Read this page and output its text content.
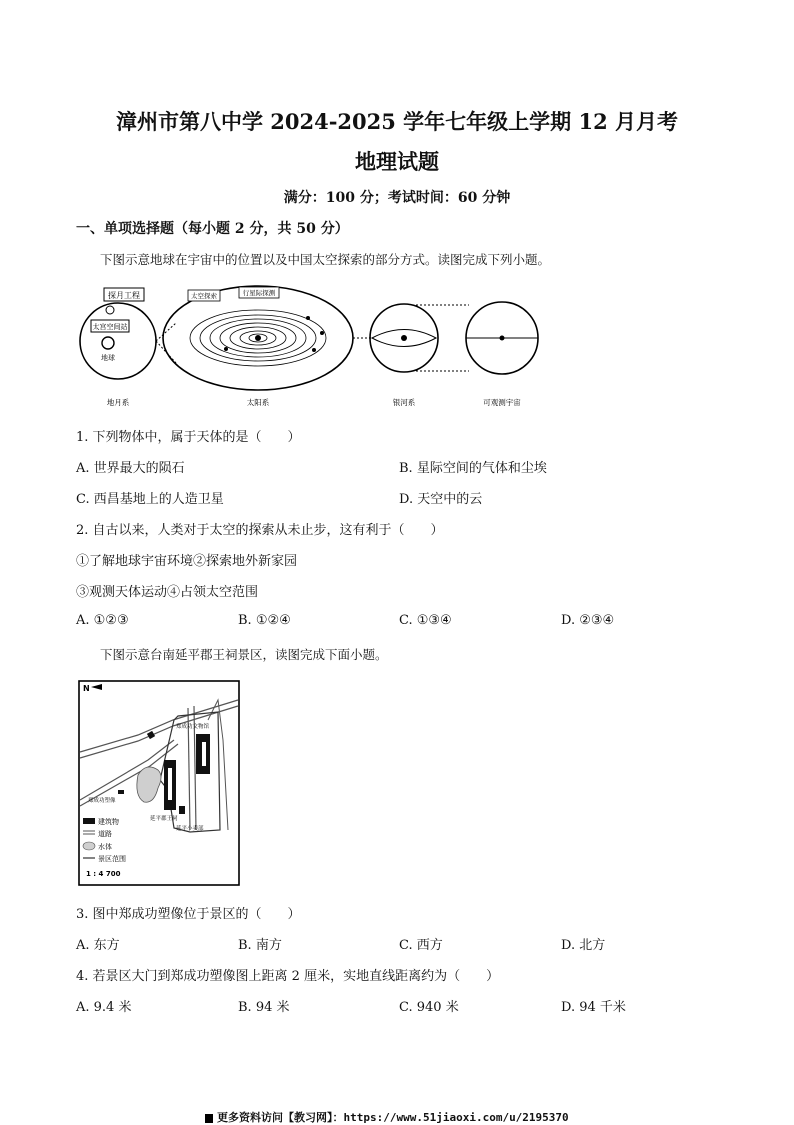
漳州市第八中学 2024-2025 学年七年级上学期 12 月月考
地理试题
满分：100 分；考试时间：60 分钟
一、单项选择题（每小题 2 分，共 50 分）
下图示意地球在宇宙中的位置以及中国太空探索的部分方式。读图完成下列小题。
探月工程
太宫空间站
地球
太空探索	行星际探测
地月系	太阳系	银河系	可观测宇宙
1. 下列物体中，属于天体的是（　　）
A. 世界最大的陨石	B. 星际空间的气体和尘埃
C. 西昌基地上的人造卫星	D. 天空中的云
2. 自古以来，人类对于太空的探索从未止步，这有利于（　　）
①了解地球宇宙环境②探索地外新家园
③观测天体运动④占领太空范围
A. ①②③	B. ①②④	C. ①③④	D. ②③④
下图示意台南延平郡王祠景区，读图完成下面小题。
N
郑成功文物馆
郑成功塑像
延平郡王祠
延平小卖部
建筑物
道路
水体
景区范围
1 : 4 700
3. 图中郑成功塑像位于景区的（　　）
A. 东方	B. 南方	C. 西方	D. 北方
4. 若景区大门到郑成功塑像图上距离 2 厘米，实地直线距离约为（　　）
A. 9.4 米	B. 94 米	C. 940 米	D. 94 千米
更多资料访问【教习网】：https://www.51jiaoxi.com/u/2195370
